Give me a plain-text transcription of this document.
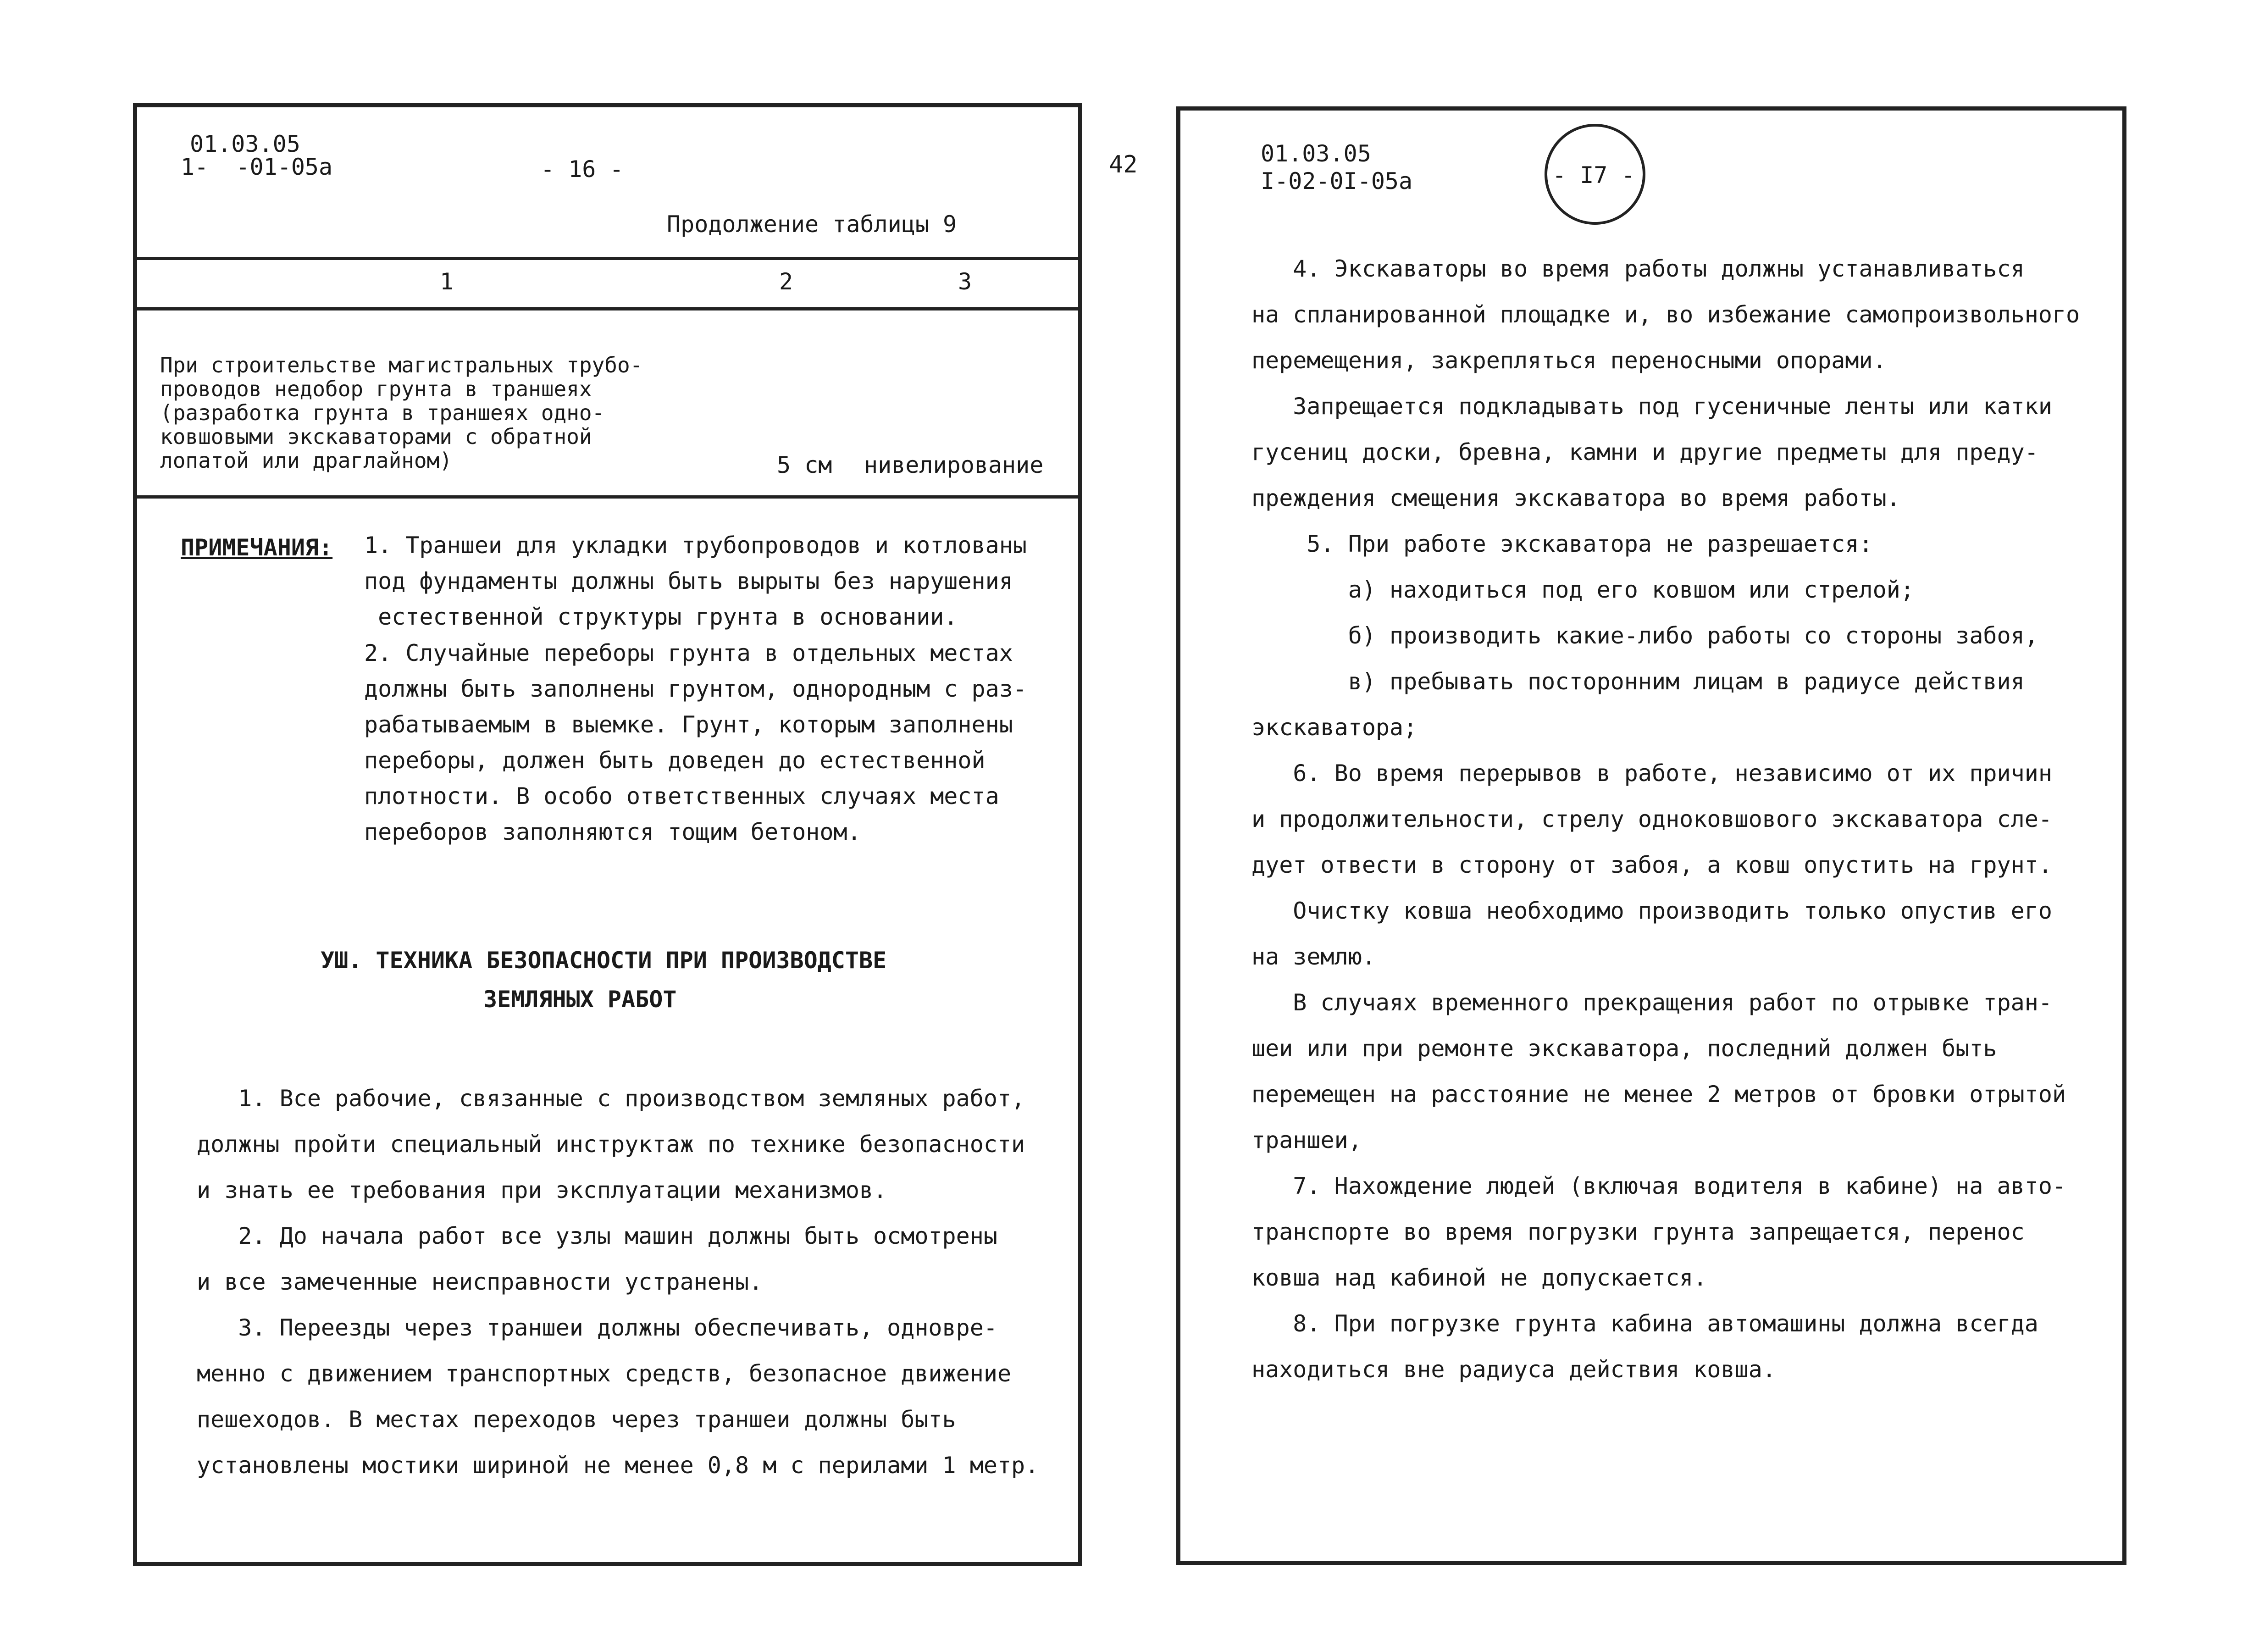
01.03.05
1-  -01-05a	- 16 -
Продолжение таблицы 9
1	2	3
При строительстве магистральных трубо-
проводов недобор грунта в траншеях
(разработка грунта в траншеях одно-
ковшовыми экскаваторами с обратной
лопатой или драглайном)	5 см нивелирование
ПРИМЕЧАНИЯ: 1. Траншеи для укладки трубопроводов и котлованы
под фундаменты должны быть вырыты без нарушения
естественной структуры грунта в основании.
2. Случайные переборы грунта в отдельных местах
должны быть заполнены грунтом, однородным с раз-
рабатываемым в выемке. Грунт, которым заполнены
переборы, должен быть доведен до естественной
плотности. В особо ответственных случаях места
переборов заполняются тощим бетоном.
УШ. ТЕХНИКА БЕЗОПАСНОСТИ ПРИ ПРОИЗВОДСТВЕ
ЗЕМЛЯНЫХ РАБОТ
1. Все рабочие, связанные с производством земляных работ,
должны пройти специальный инструктаж по технике безопасности
и знать ее требования при эксплуатации механизмов.
2. До начала работ все узлы машин должны быть осмотрены
и все замеченные неисправности устранены.
3. Переезды через траншеи должны обеспечивать, одновре-
менно с движением транспортных средств, безопасное движение
пешеходов. В местах переходов через траншеи должны быть
установлены мостики шириной не менее 0,8 м с перилами 1 метр.
42	01.03.05
I-02-0I-05a
4. Экскаваторы во время работы должны устанавливаться
на спланированной площадке и, во избежание самопроизвольного
перемещения, закрепляться переносными опорами.
Запрещается подкладывать под гусеничные ленты или катки
гусениц доски, бревна, камни и другие предметы для преду-
преждения смещения экскаватора во время работы.
5. При работе экскаватора не разрешается:
а) находиться под его ковшом или стрелой;
б) производить какие-либо работы со стороны забоя,
в) пребывать посторонним лицам в радиусе действия
экскаватора;
6. Во время перерывов в работе, независимо от их причин
и продолжительности, стрелу одноковшового экскаватора сле-
дует отвести в сторону от забоя, а ковш опустить на грунт.
Очистку ковша необходимо производить только опустив его
на землю.
В случаях временного прекращения работ по отрывке тран-
шеи или при ремонте экскаватора, последний должен быть
перемещен на расстояние не менее 2 метров от бровки отрытой
траншеи,
7. Нахождение людей (включая водителя в кабине) на авто-
транспорте во время погрузки грунта запрещается, перенос
ковша над кабиной не допускается.
8. При погрузке грунта кабина автомашины должна всегда
находиться вне радиуса действия ковша.
- I7 -
